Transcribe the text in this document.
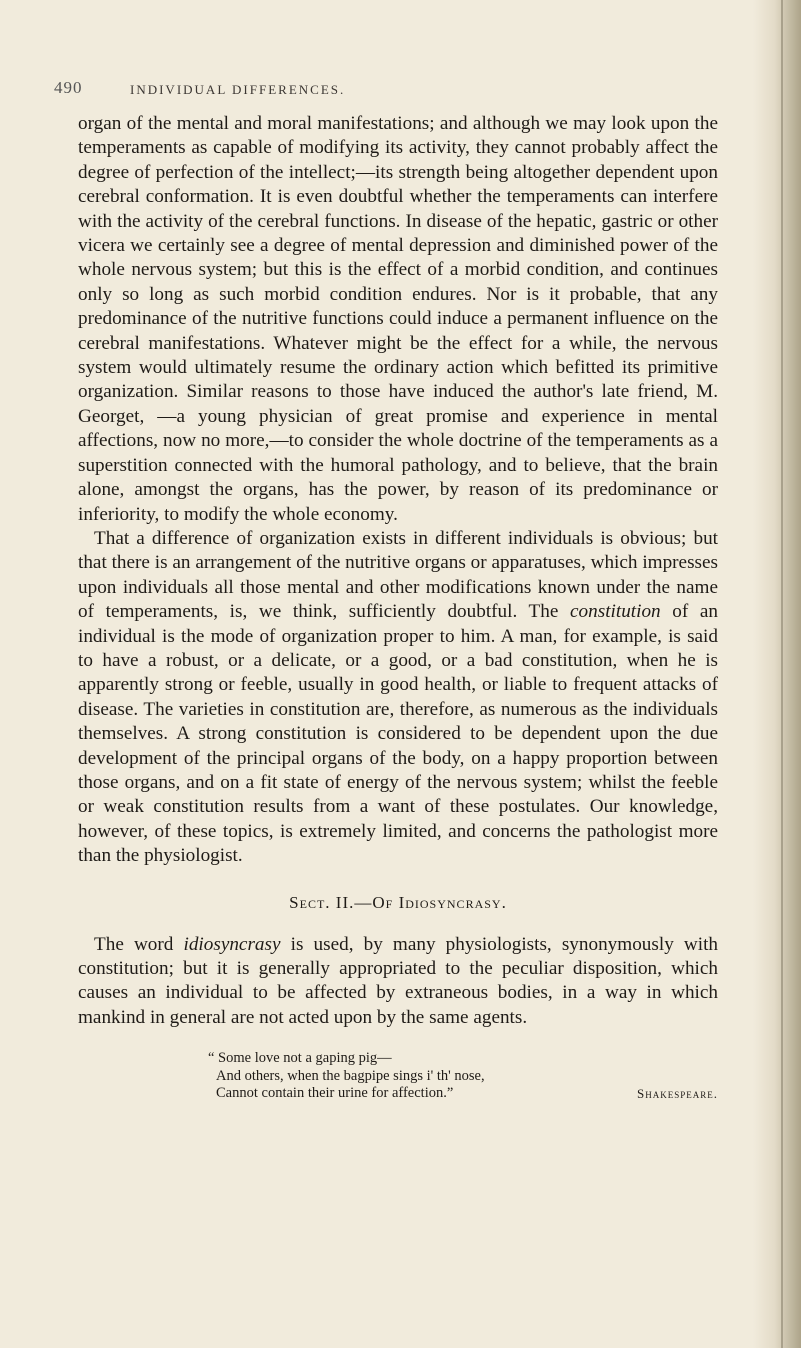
490	INDIVIDUAL DIFFERENCES.

organ of the mental and moral manifestations; and although we may look upon the temperaments as capable of modifying its activity, they cannot probably affect the degree of perfection of the intellect;—its strength being altogether dependent upon cerebral conformation. It is even doubtful whether the temperaments can interfere with the activity of the cerebral functions. In disease of the hepatic, gastric or other vicera we certainly see a degree of mental depression and diminished power of the whole nervous system; but this is the effect of a morbid condition, and continues only so long as such morbid condition endures. Nor is it probable, that any predominance of the nutritive functions could induce a permanent influence on the cerebral manifestations. Whatever might be the effect for a while, the nervous system would ultimately resume the ordinary action which befitted its primitive organization. Similar reasons to those have induced the author's late friend, M. Georget, —a young physician of great promise and experience in mental affections, now no more,—to consider the whole doctrine of the temperaments as a superstition connected with the humoral pathology, and to believe, that the brain alone, amongst the organs, has the power, by reason of its predominance or inferiority, to modify the whole economy.

That a difference of organization exists in different individuals is obvious; but that there is an arrangement of the nutritive organs or apparatuses, which impresses upon individuals all those mental and other modifications known under the name of temperaments, is, we think, sufficiently doubtful. The constitution of an individual is the mode of organization proper to him. A man, for example, is said to have a robust, or a delicate, or a good, or a bad constitution, when he is apparently strong or feeble, usually in good health, or liable to frequent attacks of disease. The varieties in constitution are, therefore, as numerous as the individuals themselves. A strong constitution is considered to be dependent upon the due development of the principal organs of the body, on a happy proportion between those organs, and on a fit state of energy of the nervous system; whilst the feeble or weak constitution results from a want of these postulates. Our knowledge, however, of these topics, is extremely limited, and concerns the pathologist more than the physiologist.

Sect. II.—Of Idiosyncrasy.

The word idiosyncrasy is used, by many physiologists, synonymously with constitution; but it is generally appropriated to the peculiar disposition, which causes an individual to be affected by extraneous bodies, in a way in which mankind in general are not acted upon by the same agents.

“ Some love not a gaping pig—
And others, when the bagpipe sings i' th' nose,
Cannot contain their urine for affection.”	Shakespeare.
